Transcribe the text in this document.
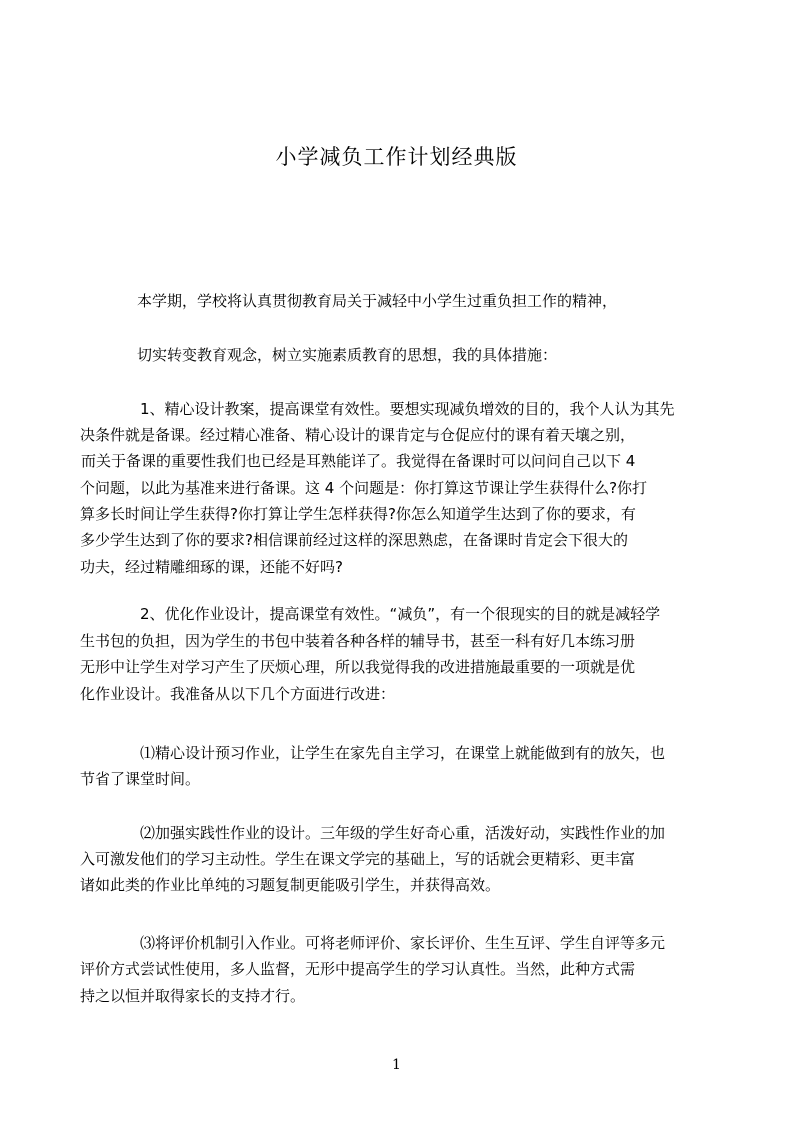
小学减负工作计划经典版
本学期，学校将认真贯彻教育局关于减轻中小学生过重负担工作的精神，
切实转变教育观念，树立实施素质教育的思想，我的具体措施：
1、精心设计教案，提高课堂有效性。要想实现减负增效的目的，我个人认为其先
决条件就是备课。经过精心准备、精心设计的课肯定与仓促应付的课有着天壤之别，
而关于备课的重要性我们也已经是耳熟能详了。我觉得在备课时可以问问自己以下 4
个问题，以此为基准来进行备课。这 4 个问题是：你打算这节课让学生获得什么?你打
算多长时间让学生获得?你打算让学生怎样获得?你怎么知道学生达到了你的要求，有
多少学生达到了你的要求?相信课前经过这样的深思熟虑，在备课时肯定会下很大的
功夫，经过精雕细琢的课，还能不好吗?
2、优化作业设计，提高课堂有效性。“减负”，有一个很现实的目的就是减轻学
生书包的负担，因为学生的书包中装着各种各样的辅导书，甚至一科有好几本练习册
无形中让学生对学习产生了厌烦心理，所以我觉得我的改进措施最重要的一项就是优
化作业设计。我准备从以下几个方面进行改进：
⑴精心设计预习作业，让学生在家先自主学习，在课堂上就能做到有的放矢，也
节省了课堂时间。
⑵加强实践性作业的设计。三年级的学生好奇心重，活泼好动，实践性作业的加
入可激发他们的学习主动性。学生在课文学完的基础上，写的话就会更精彩、更丰富
诸如此类的作业比单纯的习题复制更能吸引学生，并获得高效。
⑶将评价机制引入作业。可将老师评价、家长评价、生生互评、学生自评等多元
评价方式尝试性使用，多人监督，无形中提高学生的学习认真性。当然，此种方式需
持之以恒并取得家长的支持才行。
1
